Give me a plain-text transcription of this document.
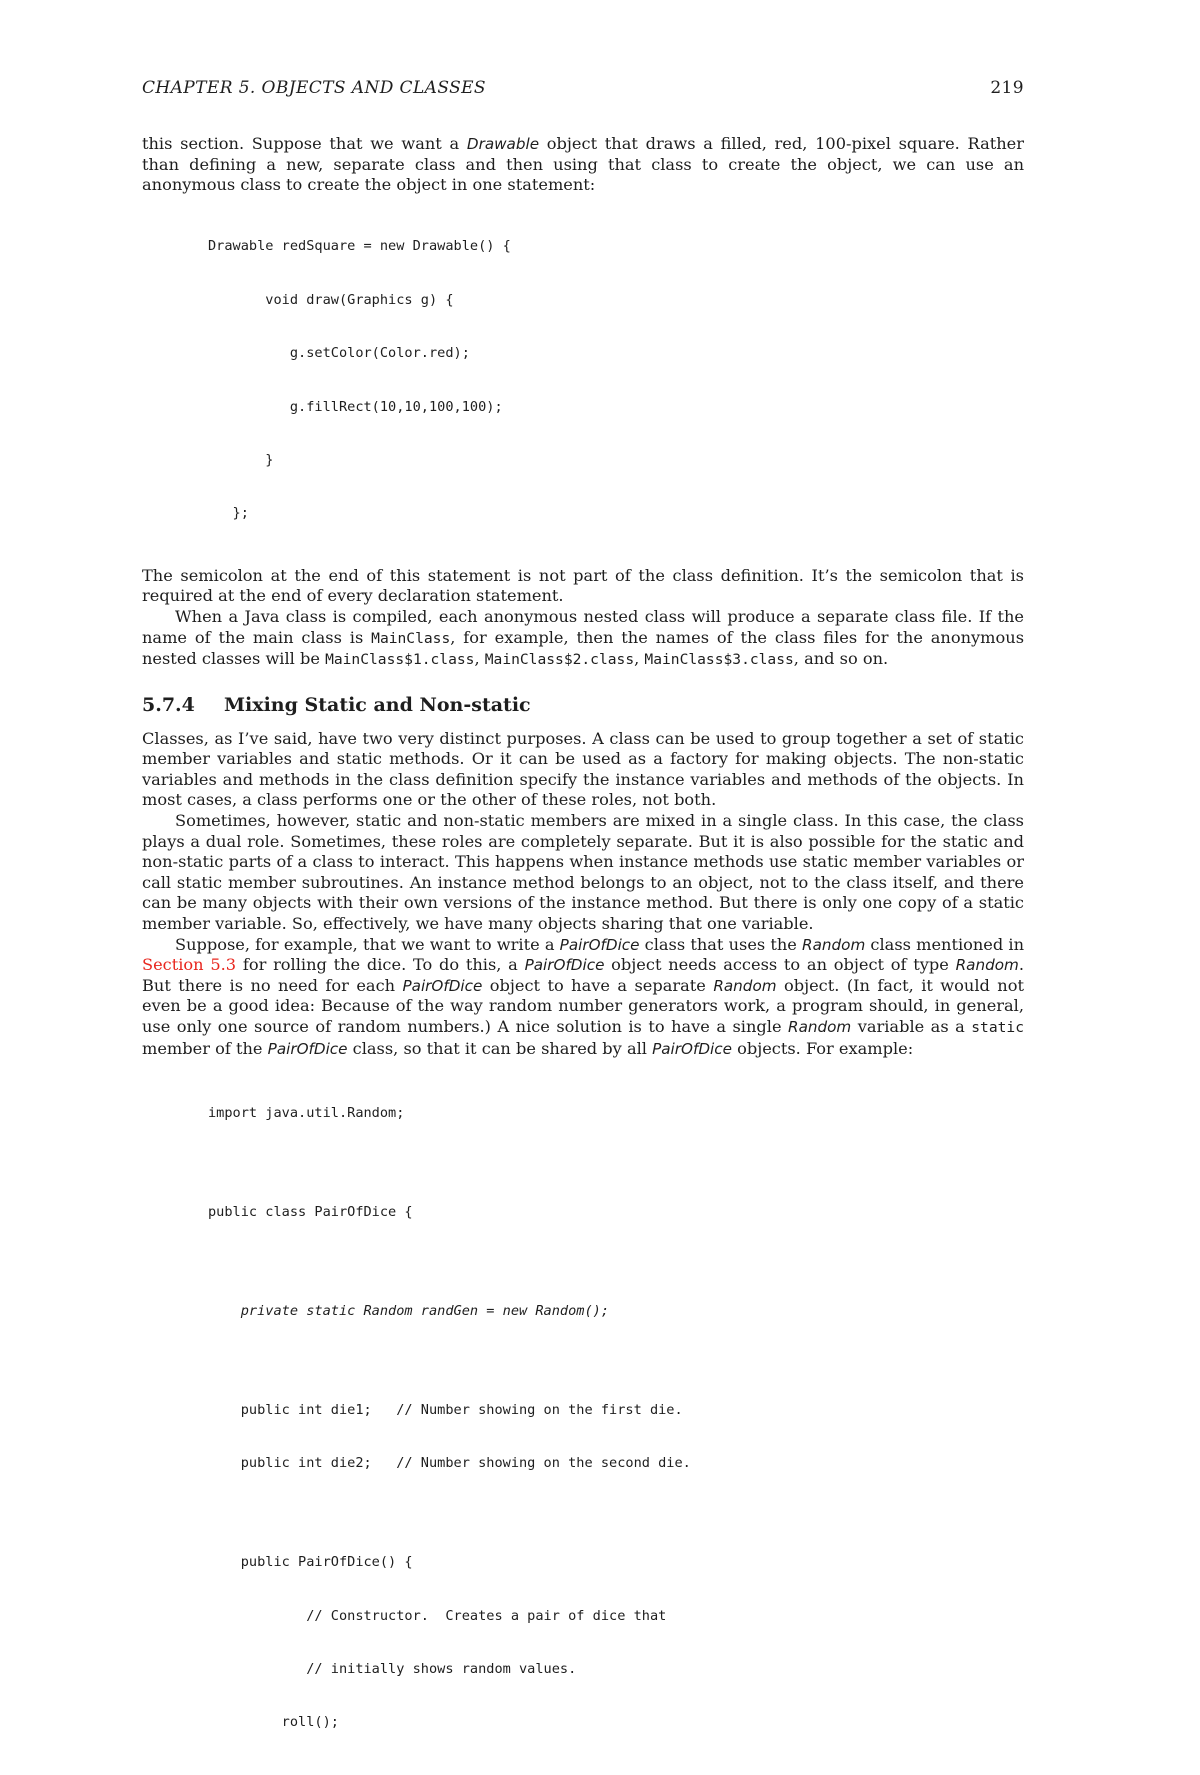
CHAPTER 5. OBJECTS AND CLASSES	219

this section. Suppose that we want a Drawable object that draws a filled, red, 100-pixel square. Rather than defining a new, separate class and then using that class to create the object, we can use an anonymous class to create the object in one statement:

Drawable redSquare = new Drawable() {

void draw(Graphics g) {

g.setColor(Color.red);

g.fillRect(10,10,100,100);

}

};

The semicolon at the end of this statement is not part of the class definition. It’s the semicolon that is required at the end of every declaration statement.

When a Java class is compiled, each anonymous nested class will produce a separate class file. If the name of the main class is MainClass, for example, then the names of the class files for the anonymous nested classes will be MainClass$1.class, MainClass$2.class, MainClass$3.class, and so on.

5.7.4 Mixing Static and Non-static

Classes, as I’ve said, have two very distinct purposes. A class can be used to group together a set of static member variables and static methods. Or it can be used as a factory for making objects. The non-static variables and methods in the class definition specify the instance variables and methods of the objects. In most cases, a class performs one or the other of these roles, not both.

Sometimes, however, static and non-static members are mixed in a single class. In this case, the class plays a dual role. Sometimes, these roles are completely separate. But it is also possible for the static and non-static parts of a class to interact. This happens when instance methods use static member variables or call static member subroutines. An instance method belongs to an object, not to the class itself, and there can be many objects with their own versions of the instance method. But there is only one copy of a static member variable. So, effectively, we have many objects sharing that one variable.

Suppose, for example, that we want to write a PairOfDice class that uses the Random class mentioned in Section 5.3 for rolling the dice. To do this, a PairOfDice object needs access to an object of type Random. But there is no need for each PairOfDice object to have a separate Random object. (In fact, it would not even be a good idea: Because of the way random number generators work, a program should, in general, use only one source of random numbers.) A nice solution is to have a single Random variable as a static member of the PairOfDice class, so that it can be shared by all PairOfDice objects. For example:

import java.util.Random;

public class PairOfDice {

private static Random randGen = new Random();

public int die1;   // Number showing on the first die.

public int die2;   // Number showing on the second die.

public PairOfDice() {

// Constructor.  Creates a pair of dice that

// initially shows random values.

roll();
